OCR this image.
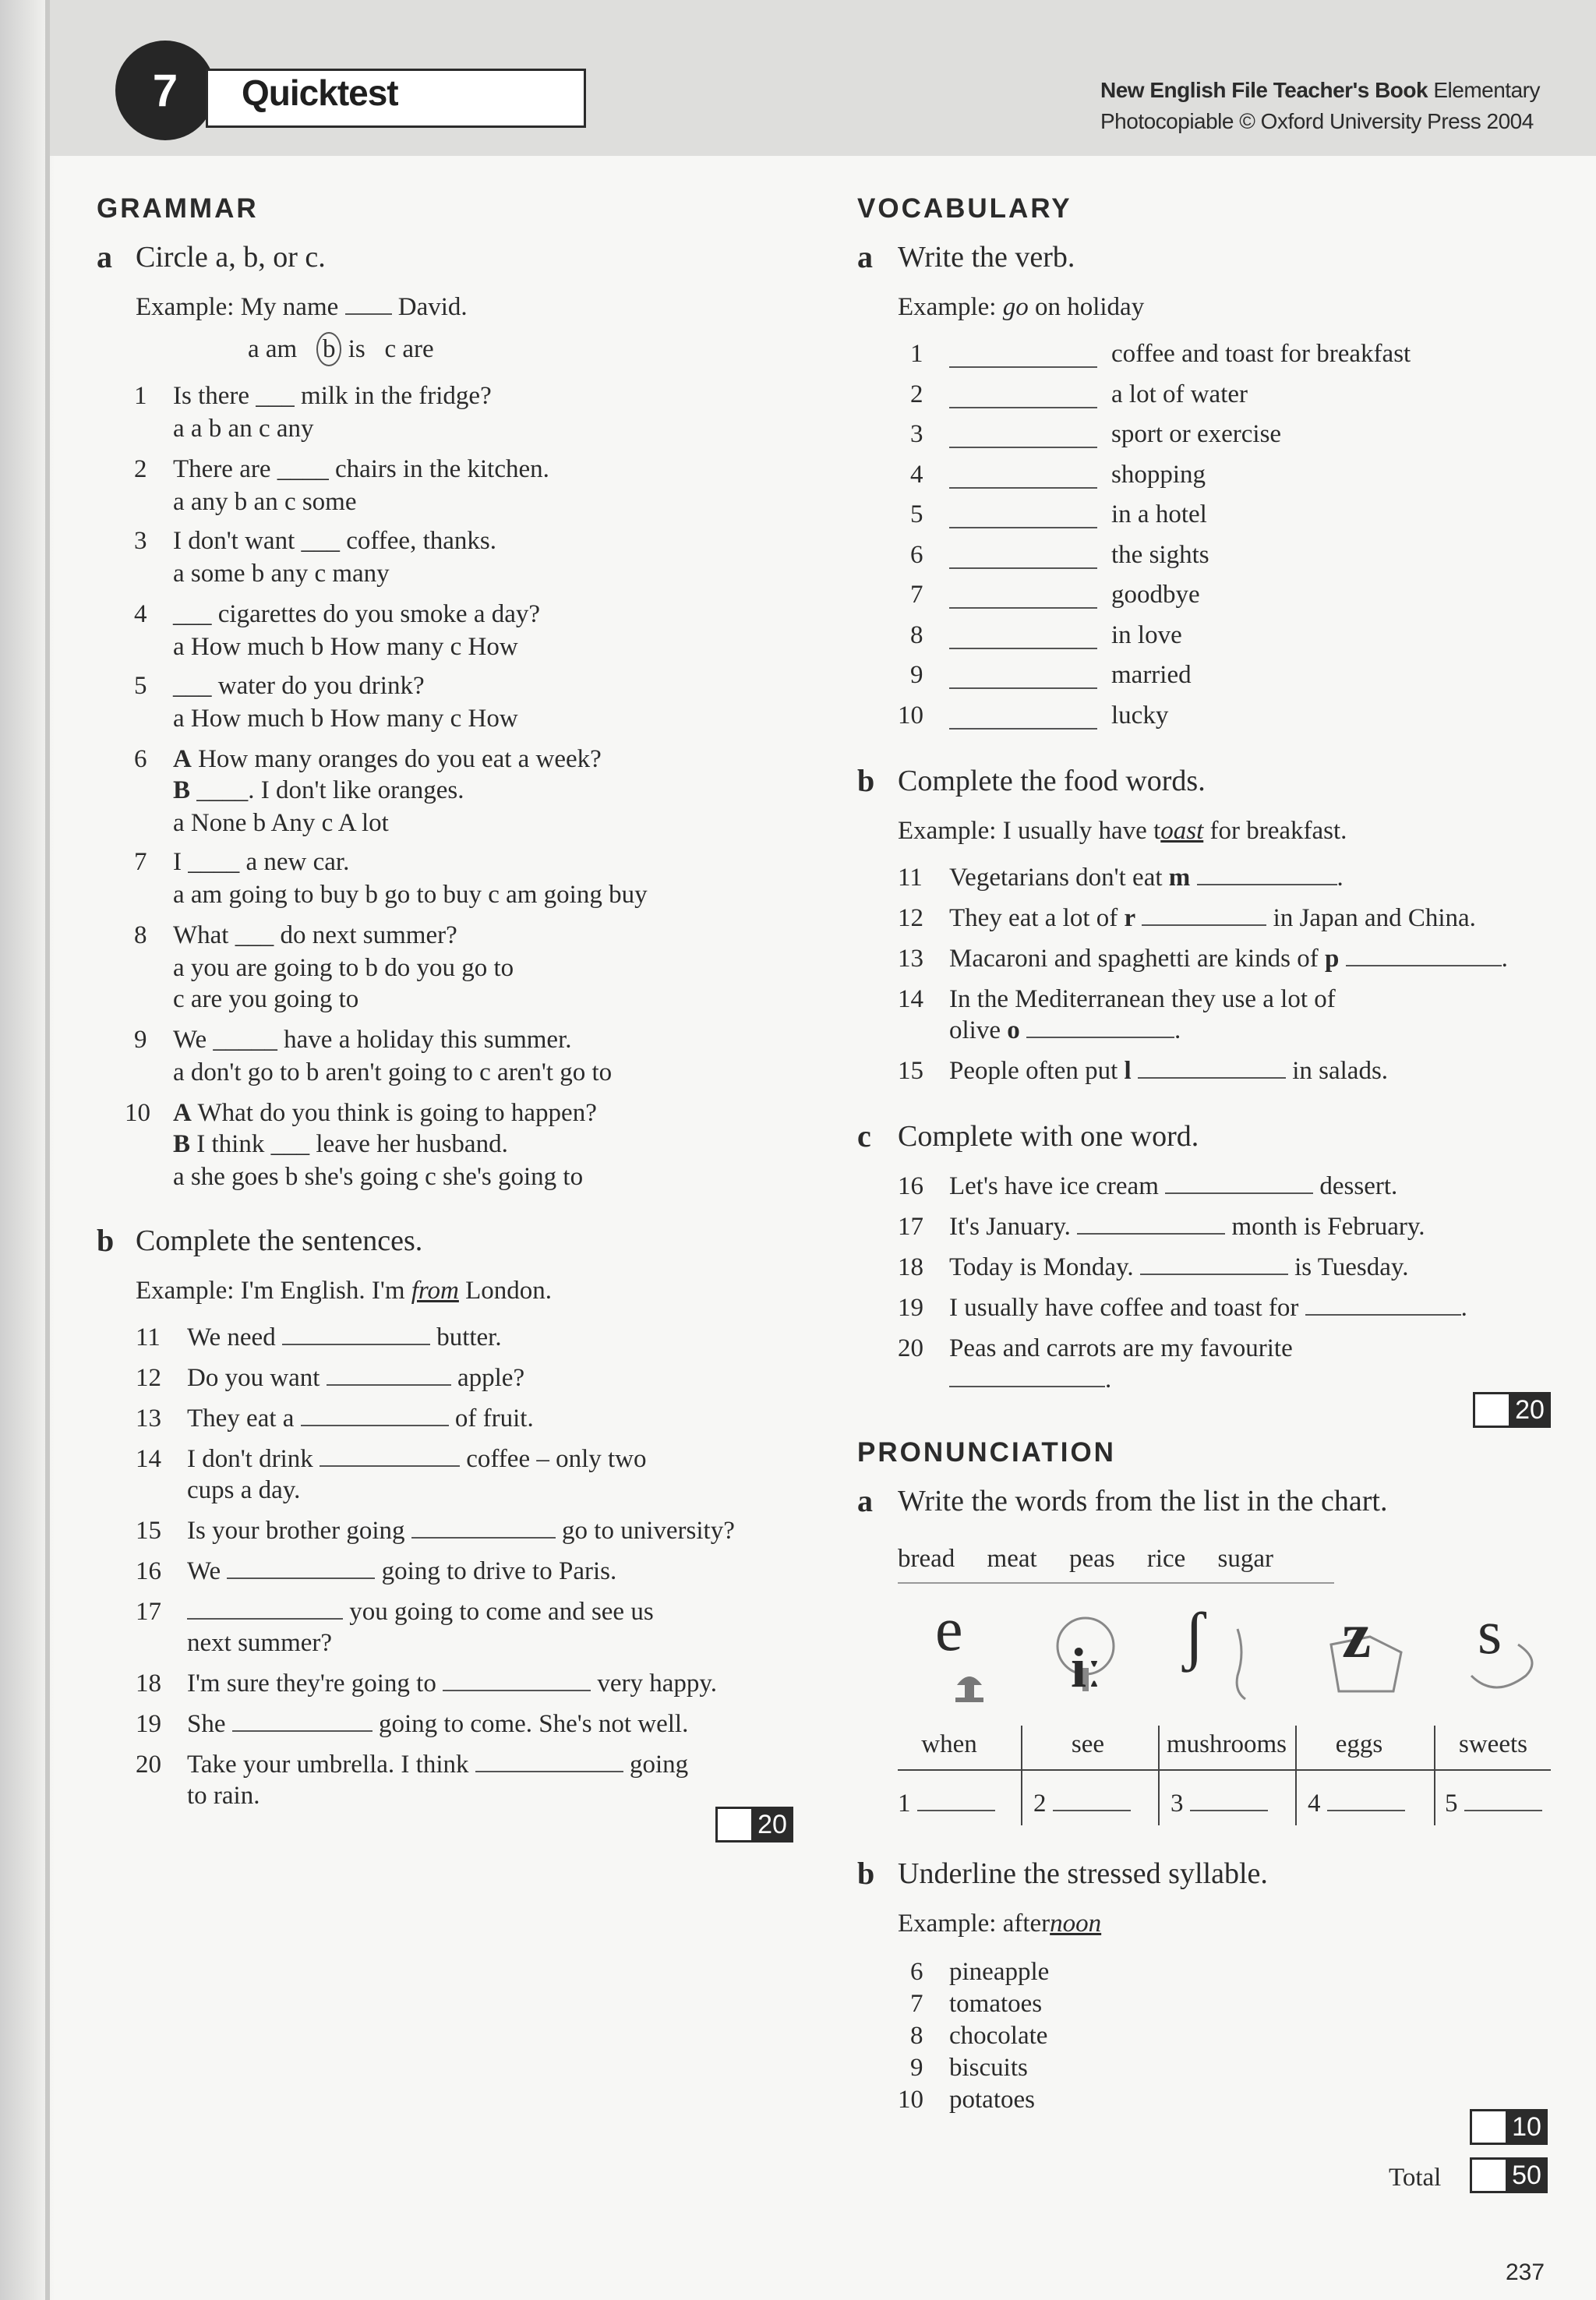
7	Quicktest	New English File Teacher's Book Elementary
Photocopiable © Oxford University Press 2004
GRAMMAR
a Circle a, b, or c.
Example: My name David.
a am b is c are
1 Is there ___ milk in the fridge?
a a b an c any
2 There are ____ chairs in the kitchen.
a any b an c some
3 I don't want ___ coffee, thanks.
a some b any c many
4 ___ cigarettes do you smoke a day?
a How much b How many c How
5 ___ water do you drink?
a How much b How many c How
6 A How many oranges do you eat a week?
B ____. I don't like oranges.
a None b Any c A lot
7 I ____ a new car.
a am going to buy b go to buy c am going buy
8 What ___ do next summer?
a you are going to b do you go to
c are you going to
9 We _____ have a holiday this summer.
a don't go to b aren't going to c aren't go to
10 A What do you think is going to happen?
B I think ___ leave her husband.
a she goes b she's going c she's going to
b Complete the sentences.
Example: I'm English. I'm from London.
11 We need	butter.
12 Do you want	apple?
13 They eat a	of fruit.
14 I don't drink	coffee – only two
cups a day.
15 Is your brother going	go to university?
16 We	going to drive to Paris.
17	you going to come and see us
next summer?
18 I'm sure they're going to	very happy.
19 She	going to come. She's not well.
20 Take your umbrella. I think	going
to rain.
20
VOCABULARY
a Write the verb.
Example: go on holiday
1	coffee and toast for breakfast
2	a lot of water
3	sport or exercise
4	shopping
5	in a hotel
6	the sights
7	goodbye
8	in love
9	married
10	lucky
b Complete the food words.
Example: I usually have toast for breakfast.
11 Vegetarians don't eat m	.
12 They eat a lot of r	in Japan and China.
13 Macaroni and spaghetti are kinds of p	.
14 In the Mediterranean they use a lot of
olive o	.
15 People often put l	in salads.
c Complete with one word.
16 Let's have ice cream	dessert.
17 It's January.	month is February.
18 Today is Monday.	is Tuesday.
19 I usually have coffee and toast for	.
20 Peas and carrots are my favourite
.
20
PRONUNCIATION
a Write the words from the list in the chart.
bread meat peas rice sugar
e
iː ʃ z s
when	see	mushrooms	eggs	sweets
1	2	3	4	5
b Underline the stressed syllable.
Example: afternoon
6 pineapple
7 tomatoes
8 chocolate
9 biscuits
10 potatoes
10
Total	50
237
